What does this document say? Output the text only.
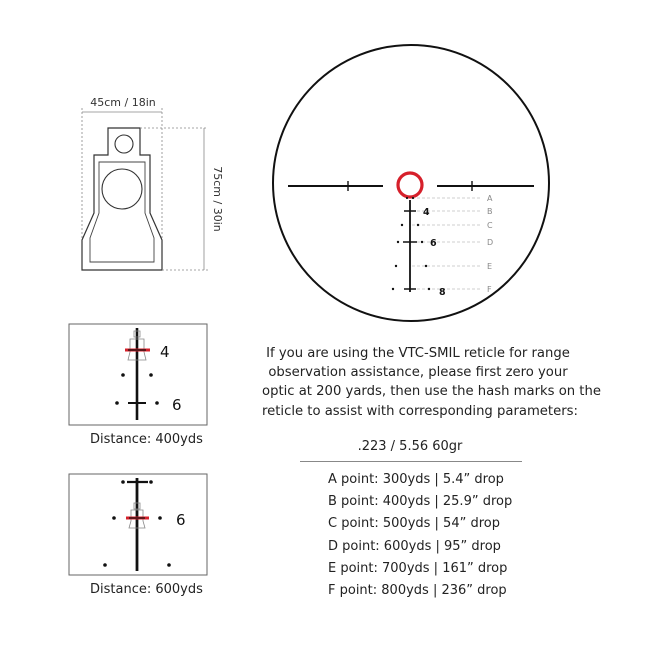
45cm / 18in
75cm / 30in	A
B
C
D
E
F
4
6
8
4
6
6
Distance: 400yds
Distance: 600yds
If you are using the VTC-SMIL reticle for range
observation assistance, please first zero your
optic at 200 yards, then use the hash marks on the
reticle to assist with corresponding parameters:
.223 / 5.56 60gr
A point: 300yds | 5.4” drop
B point: 400yds | 25.9” drop
C point: 500yds | 54” drop
D point: 600yds | 95” drop
E point: 700yds | 161” drop
F point: 800yds | 236” drop
